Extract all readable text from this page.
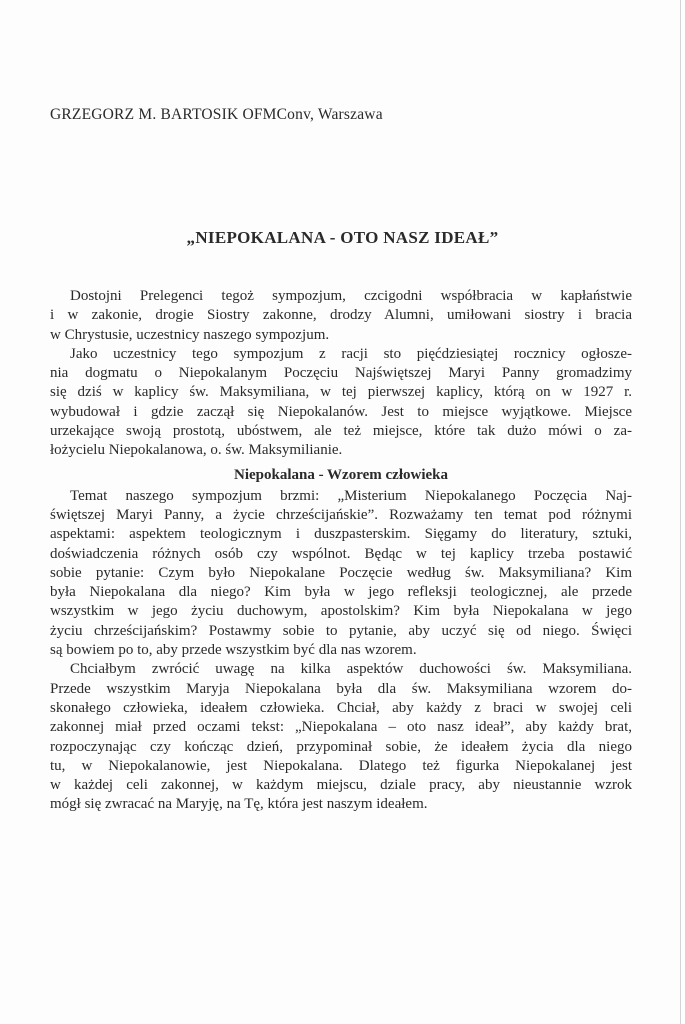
GRZEGORZ M. BARTOSIK OFMConv, Warszawa
„NIEPOKALANA - OTO NASZ IDEAŁ”
Dostojni Prelegenci tegoż sympozjum, czcigodni współbracia w kapłaństwie
i w zakonie, drogie Siostry zakonne, drodzy Alumni, umiłowani siostry i bracia
w Chrystusie, uczestnicy naszego sympozjum.
Jako uczestnicy tego sympozjum z racji sto pięćdziesiątej rocznicy ogłosze-
nia dogmatu o Niepokalanym Poczęciu Najświętszej Maryi Panny gromadzimy
się dziś w kaplicy św. Maksymiliana, w tej pierwszej kaplicy, którą on w 1927 r.
wybudował i gdzie zaczął się Niepokalanów. Jest to miejsce wyjątkowe. Miejsce
urzekające swoją prostotą, ubóstwem, ale też miejsce, które tak dużo mówi o za-
łożycielu Niepokalanowa, o. św. Maksymilianie.
Niepokalana - Wzorem człowieka
Temat naszego sympozjum brzmi: „Misterium Niepokalanego Poczęcia Naj-
świętszej Maryi Panny, a życie chrześcijańskie”. Rozważamy ten temat pod różnymi
aspektami: aspektem teologicznym i duszpasterskim. Sięgamy do literatury, sztuki,
doświadczenia różnych osób czy wspólnot. Będąc w tej kaplicy trzeba postawić
sobie pytanie: Czym było Niepokalane Poczęcie według św. Maksymiliana? Kim
była Niepokalana dla niego? Kim była w jego refleksji teologicznej, ale przede
wszystkim w jego życiu duchowym, apostolskim? Kim była Niepokalana w jego
życiu chrześcijańskim? Postawmy sobie to pytanie, aby uczyć się od niego. Święci
są bowiem po to, aby przede wszystkim być dla nas wzorem.
Chciałbym zwrócić uwagę na kilka aspektów duchowości św. Maksymiliana.
Przede wszystkim Maryja Niepokalana była dla św. Maksymiliana wzorem do-
skonałego człowieka, ideałem człowieka. Chciał, aby każdy z braci w swojej celi
zakonnej miał przed oczami tekst: „Niepokalana – oto nasz ideał”, aby każdy brat,
rozpoczynając czy kończąc dzień, przypominał sobie, że ideałem życia dla niego
tu, w Niepokalanowie, jest Niepokalana. Dlatego też figurka Niepokalanej jest
w każdej celi zakonnej, w każdym miejscu, dziale pracy, aby nieustannie wzrok
mógł się zwracać na Maryję, na Tę, która jest naszym ideałem.
